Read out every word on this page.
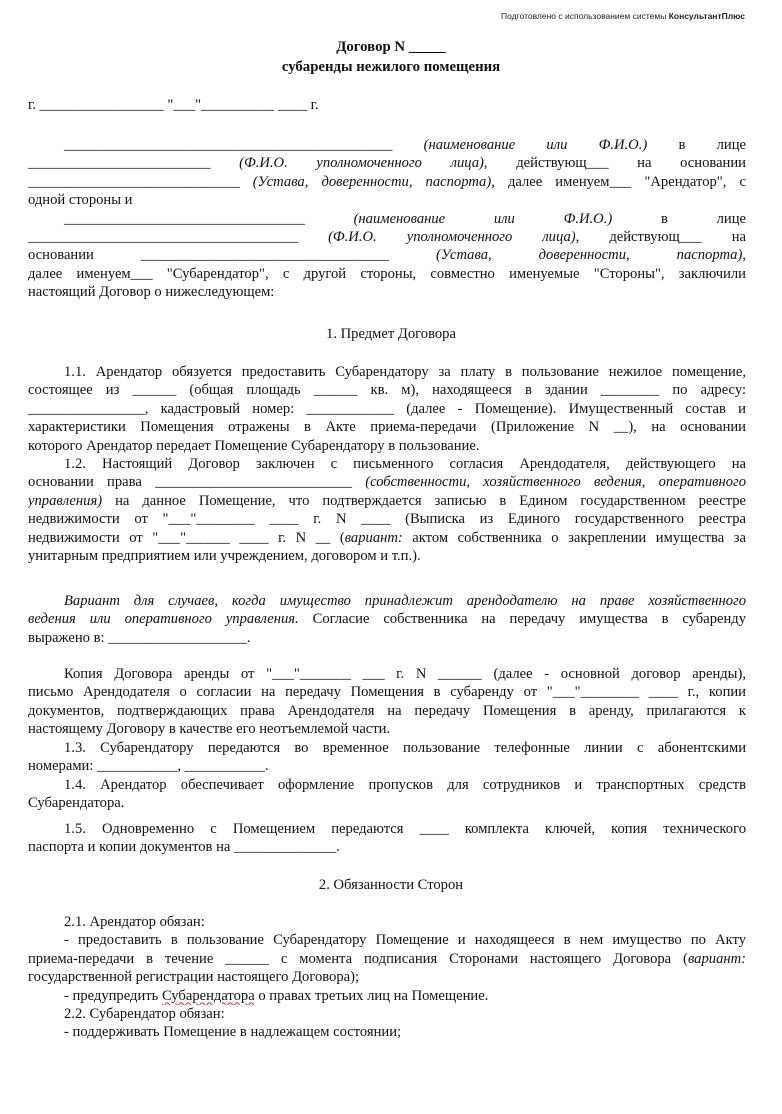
Подготовлено с использованием системы КонсультантПлюс
Договор N _____
субаренды нежилого помещения
г. _________________ "___"__________ ____ г.
_____________________________________________ (наименование или Ф.И.О.) в лице
_________________________ (Ф.И.О. уполномоченного лица), действующ___ на основании
_____________________________ (Устава, доверенности, паспорта), далее именуем___ "Арендатор", с
одной стороны и
_________________________________ (наименование или Ф.И.О.) в лице
_____________________________________ (Ф.И.О. уполномоченного лица), действующ___ на
основании __________________________________ (Устава, доверенности, паспорта),
далее именуем___ "Субарендатор", с другой стороны, совместно именуемые "Стороны", заключили
настоящий Договор о нижеследующем:
1. Предмет Договора
1.1. Арендатор обязуется предоставить Субарендатору за плату в пользование нежилое помещение,
состоящее из ______ (общая площадь ______ кв. м), находящееся в здании ________ по адресу:
________________, кадастровый номер: ____________ (далее - Помещение). Имущественный состав и
характеристики Помещения отражены в Акте приема-передачи (Приложение N __), на основании
которого Арендатор передает Помещение Субарендатору в пользование.
1.2. Настоящий Договор заключен с письменного согласия Арендодателя, действующего на
основании права ___________________________ (собственности, хозяйственного ведения, оперативного
управления) на данное Помещение, что подтверждается записью в Едином государственном реестре
недвижимости от "___"________ ____ г. N ____ (Выписка из Единого государственного реестра
недвижимости от "___"______ ____ г. N __ (вариант: актом собственника о закреплении имущества за
унитарным предприятием или учреждением, договором и т.п.).
Вариант для случаев, когда имущество принадлежит арендодателю на праве хозяйственного
ведения или оперативного управления. Согласие собственника на передачу имущества в субаренду
выражено в: ___________________.
Копия Договора аренды от "___"_______ ___ г. N ______ (далее - основной договор аренды),
письмо Арендодателя о согласии на передачу Помещения в субаренду от "___"________ ____ г., копии
документов, подтверждающих права Арендодателя на передачу Помещения в аренду, прилагаются к
настоящему Договору в качестве его неотъемлемой части.
1.3. Субарендатору передаются во временное пользование телефонные линии с абонентскими
номерами: ___________, ___________.
1.4. Арендатор обеспечивает оформление пропусков для сотрудников и транспортных средств
Субарендатора.
1.5. Одновременно с Помещением передаются ____ комплекта ключей, копия технического
паспорта и копии документов на ______________.
2. Обязанности Сторон
2.1. Арендатор обязан:
- предоставить в пользование Субарендатору Помещение и находящееся в нем имущество по Акту
приема-передачи в течение ______ с момента подписания Сторонами настоящего Договора (вариант:
государственной регистрации настоящего Договора);
- предупредить Субарендатора о правах третьих лиц на Помещение.
2.2. Субарендатор обязан:
- поддерживать Помещение в надлежащем состоянии;
